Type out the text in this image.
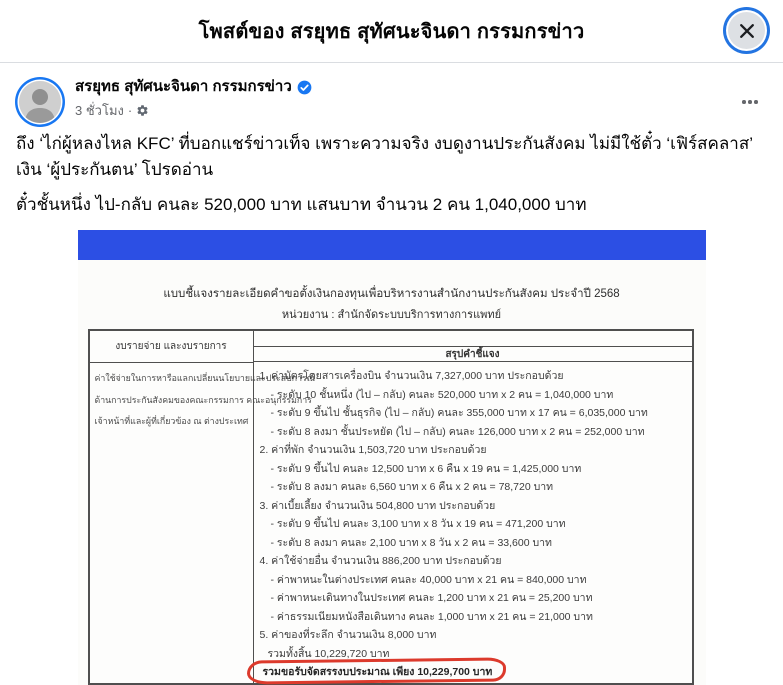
โพสต์ของ สรยุทธ สุทัศนะจินดา กรรมกรข่าว
สรยุทธ สุทัศนะจินดา กรรมกรข่าว
3 ชั่วโมง ·
ถึง ‘ไก่ผู้หลงไหล KFC’ ที่บอกแชร์ข่าวเท็จ เพราะความจริง งบดูงานประกันสังคม ไม่มีใช้ตั๋ว ‘เฟิร์สคลาส’ เงิน ‘ผู้ประกันตน’ โปรดอ่าน
ตั๋วชั้นหนึ่ง ไป-กลับ คนละ 520,000 บาท แสนบาท จำนวน 2 คน 1,040,000 บาท
แบบชี้แจงรายละเอียดคำขอตั้งเงินกองทุนเพื่อบริหารงานสำนักงานประกันสังคม ประจำปี 2568
หน่วยงาน : สำนักจัดระบบบริการทางการแพทย์
งบรายจ่าย และงบรายการ
ค่าใช้จ่ายในการหารือแลกเปลี่ยนนโยบายและประสบการณ์
ด้านการประกันสังคมของคณะกรรมการ คณะอนุกรรมการ
เจ้าหน้าที่และผู้ที่เกี่ยวข้อง ณ ต่างประเทศ
สรุปคำชี้แจง
1. ค่าบัตรโดยสารเครื่องบิน จำนวนเงิน 7,327,000 บาท ประกอบด้วย
- ระดับ 10 ชั้นหนึ่ง (ไป – กลับ) คนละ 520,000 บาท x 2 คน = 1,040,000 บาท
- ระดับ 9 ขึ้นไป ชั้นธุรกิจ (ไป – กลับ) คนละ 355,000 บาท x 17 คน = 6,035,000 บาท
- ระดับ 8 ลงมา ชั้นประหยัด (ไป – กลับ) คนละ 126,000 บาท x 2 คน = 252,000 บาท
2. ค่าที่พัก จำนวนเงิน 1,503,720 บาท ประกอบด้วย
- ระดับ 9 ขึ้นไป คนละ 12,500 บาท x 6 คืน x 19 คน = 1,425,000 บาท
- ระดับ 8 ลงมา คนละ 6,560 บาท x 6 คืน x 2 คน = 78,720 บาท
3. ค่าเบี้ยเลี้ยง จำนวนเงิน 504,800 บาท ประกอบด้วย
- ระดับ 9 ขึ้นไป คนละ 3,100 บาท x 8 วัน x 19 คน = 471,200 บาท
- ระดับ 8 ลงมา คนละ 2,100 บาท x 8 วัน x 2 คน = 33,600 บาท
4. ค่าใช้จ่ายอื่น จำนวนเงิน 886,200 บาท ประกอบด้วย
- ค่าพาหนะในต่างประเทศ คนละ 40,000 บาท x 21 คน = 840,000 บาท
- ค่าพาหนะเดินทางในประเทศ คนละ 1,200 บาท x 21 คน = 25,200 บาท
- ค่าธรรมเนียมหนังสือเดินทาง คนละ 1,000 บาท x 21 คน = 21,000 บาท
5. ค่าของที่ระลึก จำนวนเงิน 8,000 บาท
รวมทั้งสิ้น 10,229,720 บาท
รวมขอรับจัดสรรงบประมาณ เพียง 10,229,700 บาท
